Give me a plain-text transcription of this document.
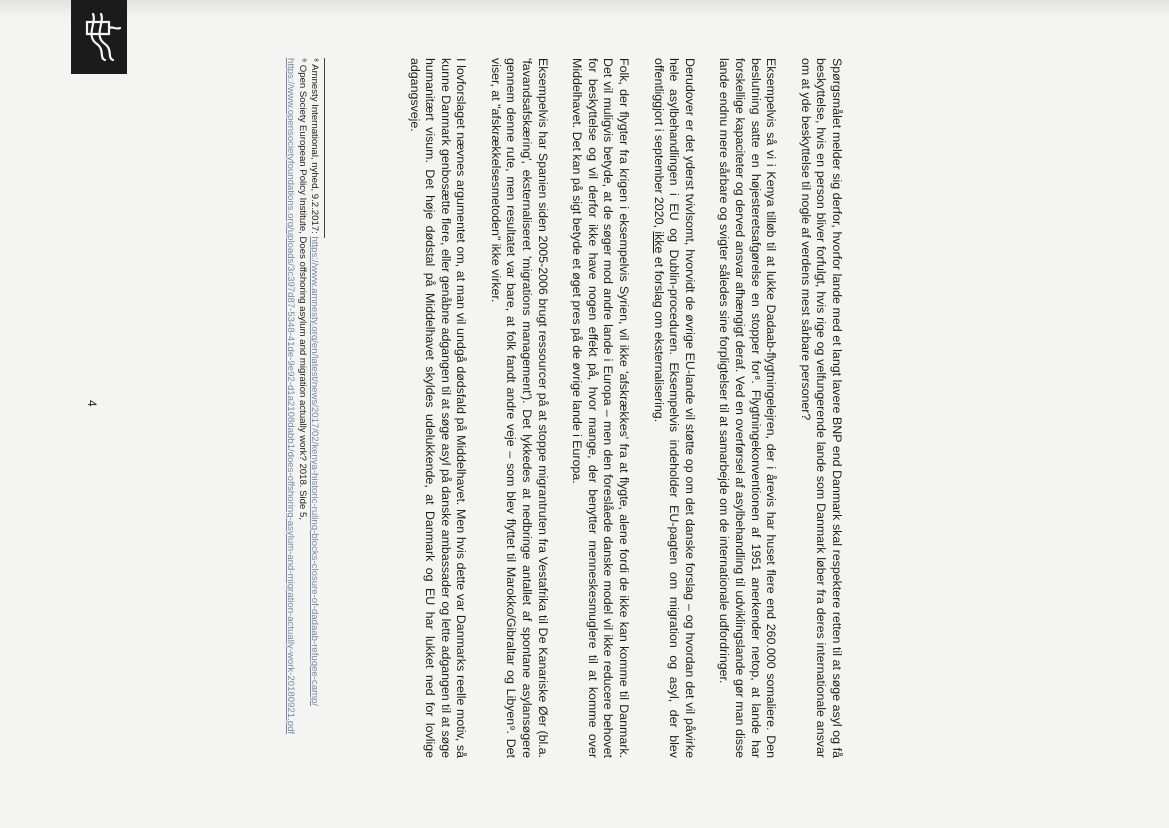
Spørgsmålet melder sig derfor, hvorfor lande med et langt lavere BNP end Danmark skal respektere retten til at søge asyl og få beskyttelse, hvis en person bliver forfulgt, hvis rige og velfungerende lande som Danmark løber fra deres internationale ansvar om at yde beskyttelse til nogle af verdens mest sårbare personer?

Eksempelvis så vi i Kenya tilløb til at lukke Dadaab-flygtningelejren, der i årevis har huset flere end 260.000 somaliere. Den beslutning satte en højesteretsafgørelse en stopper for⁸. Flygtningekonventionen af 1951 anerkender netop, at lande har forskellige kapaciteter og derved ansvar afhængigt deraf. Ved en overførsel af asylbehandling til udviklingslande gør man disse lande endnu mere sårbare og svigter således sine forpligtelser til at samarbejde om de internationale udfordringer.

Derudover er det yderst tvivlsomt, hvorvidt de øvrige EU-lande vil støtte op om det danske forslag – og hvordan det vil påvirke hele asylbehandlingen i EU og Dublin-proceduren. Eksempelvis indeholder EU-pagten om migration og asyl, der blev offentliggjort i september 2020, ikke et forslag om eksternalisering.

Folk, der flygter fra krigen i eksempelvis Syrien, vil ikke 'afskrækkes' fra at flygte, alene fordi de ikke kan komme til Danmark. Det vil muligvis betyde, at de søger mod andre lande i Europa – men den foreslåede danske model vil ikke reducere behovet for beskyttelse og vil derfor ikke have nogen effekt på, hvor mange, der benytter menneskesmuglere til at komme over Middelhavet. Det kan på sigt betyde et øget pres på de øvrige lande i Europa.

Eksempelvis har Spanien siden 2005-2006 brugt ressourcer på at stoppe migrantruten fra Vestafrika til De Kanariske Øer (bl.a. 'favandsafskæring', eksternaliseret 'migrations management'). Det lykkedes at nedbringe antallet af spontane asylansøgere gennem denne rute, men resultatet var bare, at folk fandt andre veje – som blev flyttet til Marokko/Gibraltar og Libyen⁹. Det viser, at "afskrækkelsesmetoden" ikke virker.

I lovforslaget nævnes argumentet om, at man vil undgå dødsfald på Middelhavet. Men hvis dette var Danmarks reelle motiv, så kunne Danmark genbosætte flere, eller genåbne adgangen til at søge asyl på danske ambassader og lette adgangen til at søge humanitært visum. Det høje dødstal på Middelhavet skyldes udelukkende, at Danmark og EU har lukket ned for lovlige adgangsveje.

⁸ Amnesty International, nyhed, 9.2.2017: https://www.amnesty.org/en/latest/news/2017/02/kenya-historic-ruling-blocks-closure-of-dadaab-refugee-camp/

⁹ Open Society European Policy Institute, Does offshoring asylum and migration actually work? 2018. Side 5, https://www.opensocietyfoundations.org/uploads/3c397d87-5348-41de-9e92-d1a2108dabb1/does-offshoring-asylum-and-migration-actually-work-20180921.pdf

4
